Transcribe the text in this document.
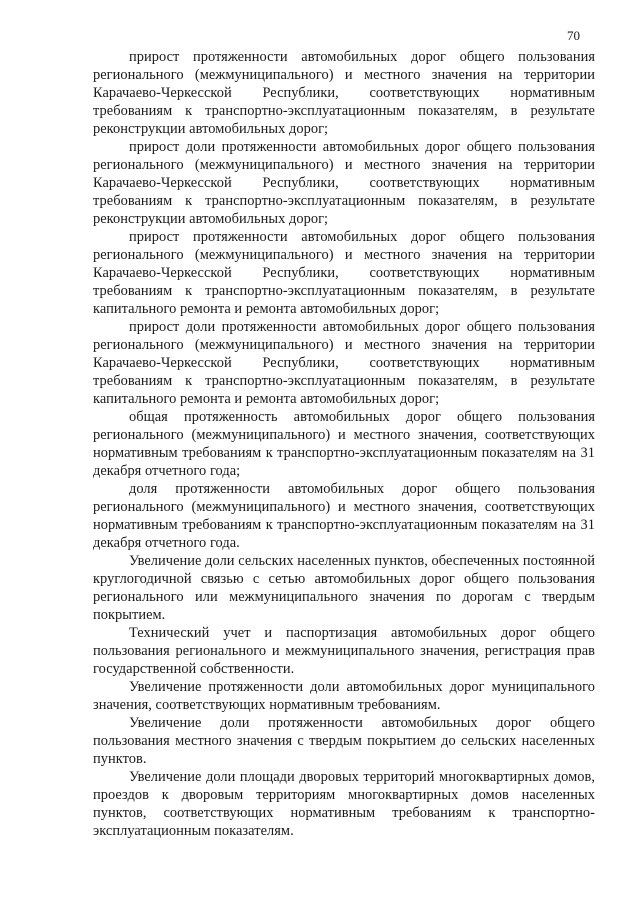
70

прирост протяженности автомобильных дорог общего пользования регионального (межмуниципального) и местного значения на территории Карачаево-Черкесской Республики, соответствующих нормативным требованиям к транспортно-эксплуатационным показателям, в результате реконструкции автомобильных дорог;

прирост доли протяженности автомобильных дорог общего пользования регионального (межмуниципального) и местного значения на территории Карачаево-Черкесской Республики, соответствующих нормативным требованиям к транспортно-эксплуатационным показателям, в результате реконструкции автомобильных дорог;

прирост протяженности автомобильных дорог общего пользования регионального (межмуниципального) и местного значения на территории Карачаево-Черкесской Республики, соответствующих нормативным требованиям к транспортно-эксплуатационным показателям, в результате капитального ремонта и ремонта автомобильных дорог;

прирост доли протяженности автомобильных дорог общего пользования регионального (межмуниципального) и местного значения на территории Карачаево-Черкесской Республики, соответствующих нормативным требованиям к транспортно-эксплуатационным показателям, в результате капитального ремонта и ремонта автомобильных дорог;

общая протяженность автомобильных дорог общего пользования регионального (межмуниципального) и местного значения, соответствующих нормативным требованиям к транспортно-эксплуатационным показателям на 31 декабря отчетного года;

доля протяженности автомобильных дорог общего пользования регионального (межмуниципального) и местного значения, соответствующих нормативным требованиям к транспортно-эксплуатационным показателям на 31 декабря отчетного года.

Увеличение доли сельских населенных пунктов, обеспеченных постоянной круглогодичной связью с сетью автомобильных дорог общего пользования регионального или межмуниципального значения по дорогам с твердым покрытием.

Технический учет и паспортизация автомобильных дорог общего пользования регионального и межмуниципального значения, регистрация прав государственной собственности.

Увеличение протяженности доли автомобильных дорог муниципального значения, соответствующих нормативным требованиям.

Увеличение доли протяженности автомобильных дорог общего пользования местного значения с твердым покрытием до сельских населенных пунктов.

Увеличение доли площади дворовых территорий многоквартирных домов, проездов к дворовым территориям многоквартирных домов населенных пунктов, соответствующих нормативным требованиям к транспортно-эксплуатационным показателям.
